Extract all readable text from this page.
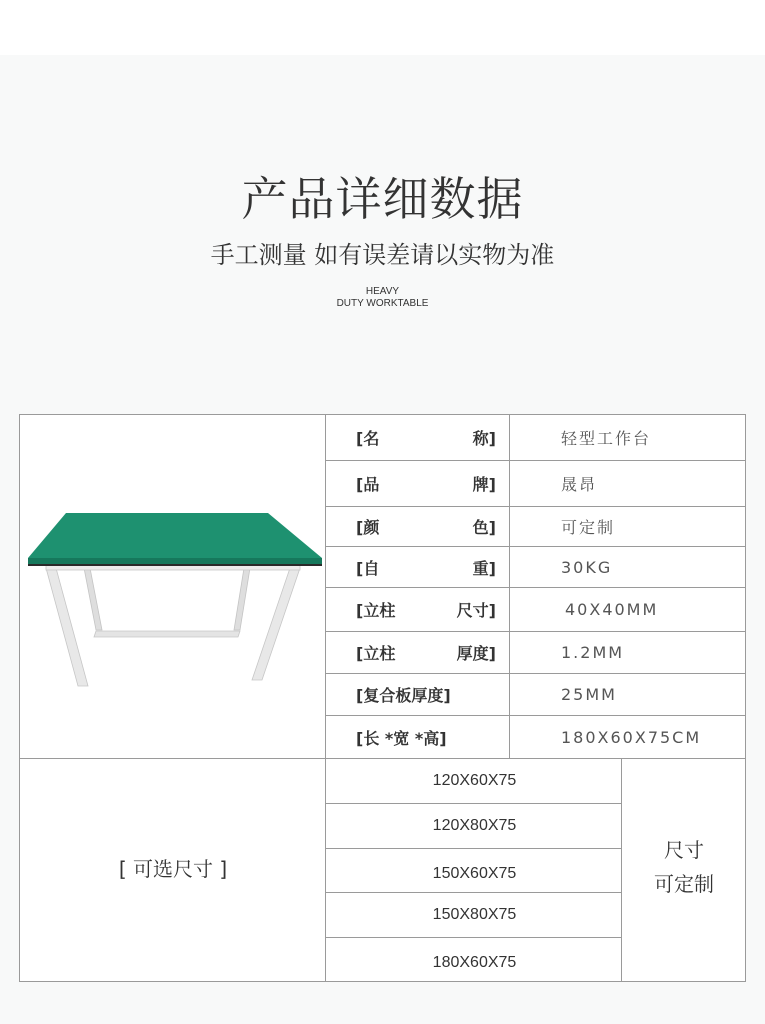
产品详细数据
手工测量 如有误差请以实物为准
HEAVY
DUTY WORKTABLE
[名	称]	轻型工作台
[品	牌]	晟昂
[颜	色]	可定制
[自	重]	30KG
[立柱	尺寸]	40X40MM
[立柱	厚度]	1.2MM
[复合板厚度]	25MM
[长 *宽 *高]	180X60X75CM
[ 可选尺寸 ]
120X60X75
120X80X75
150X60X75
150X80X75
180X60X75
尺寸
可定制
